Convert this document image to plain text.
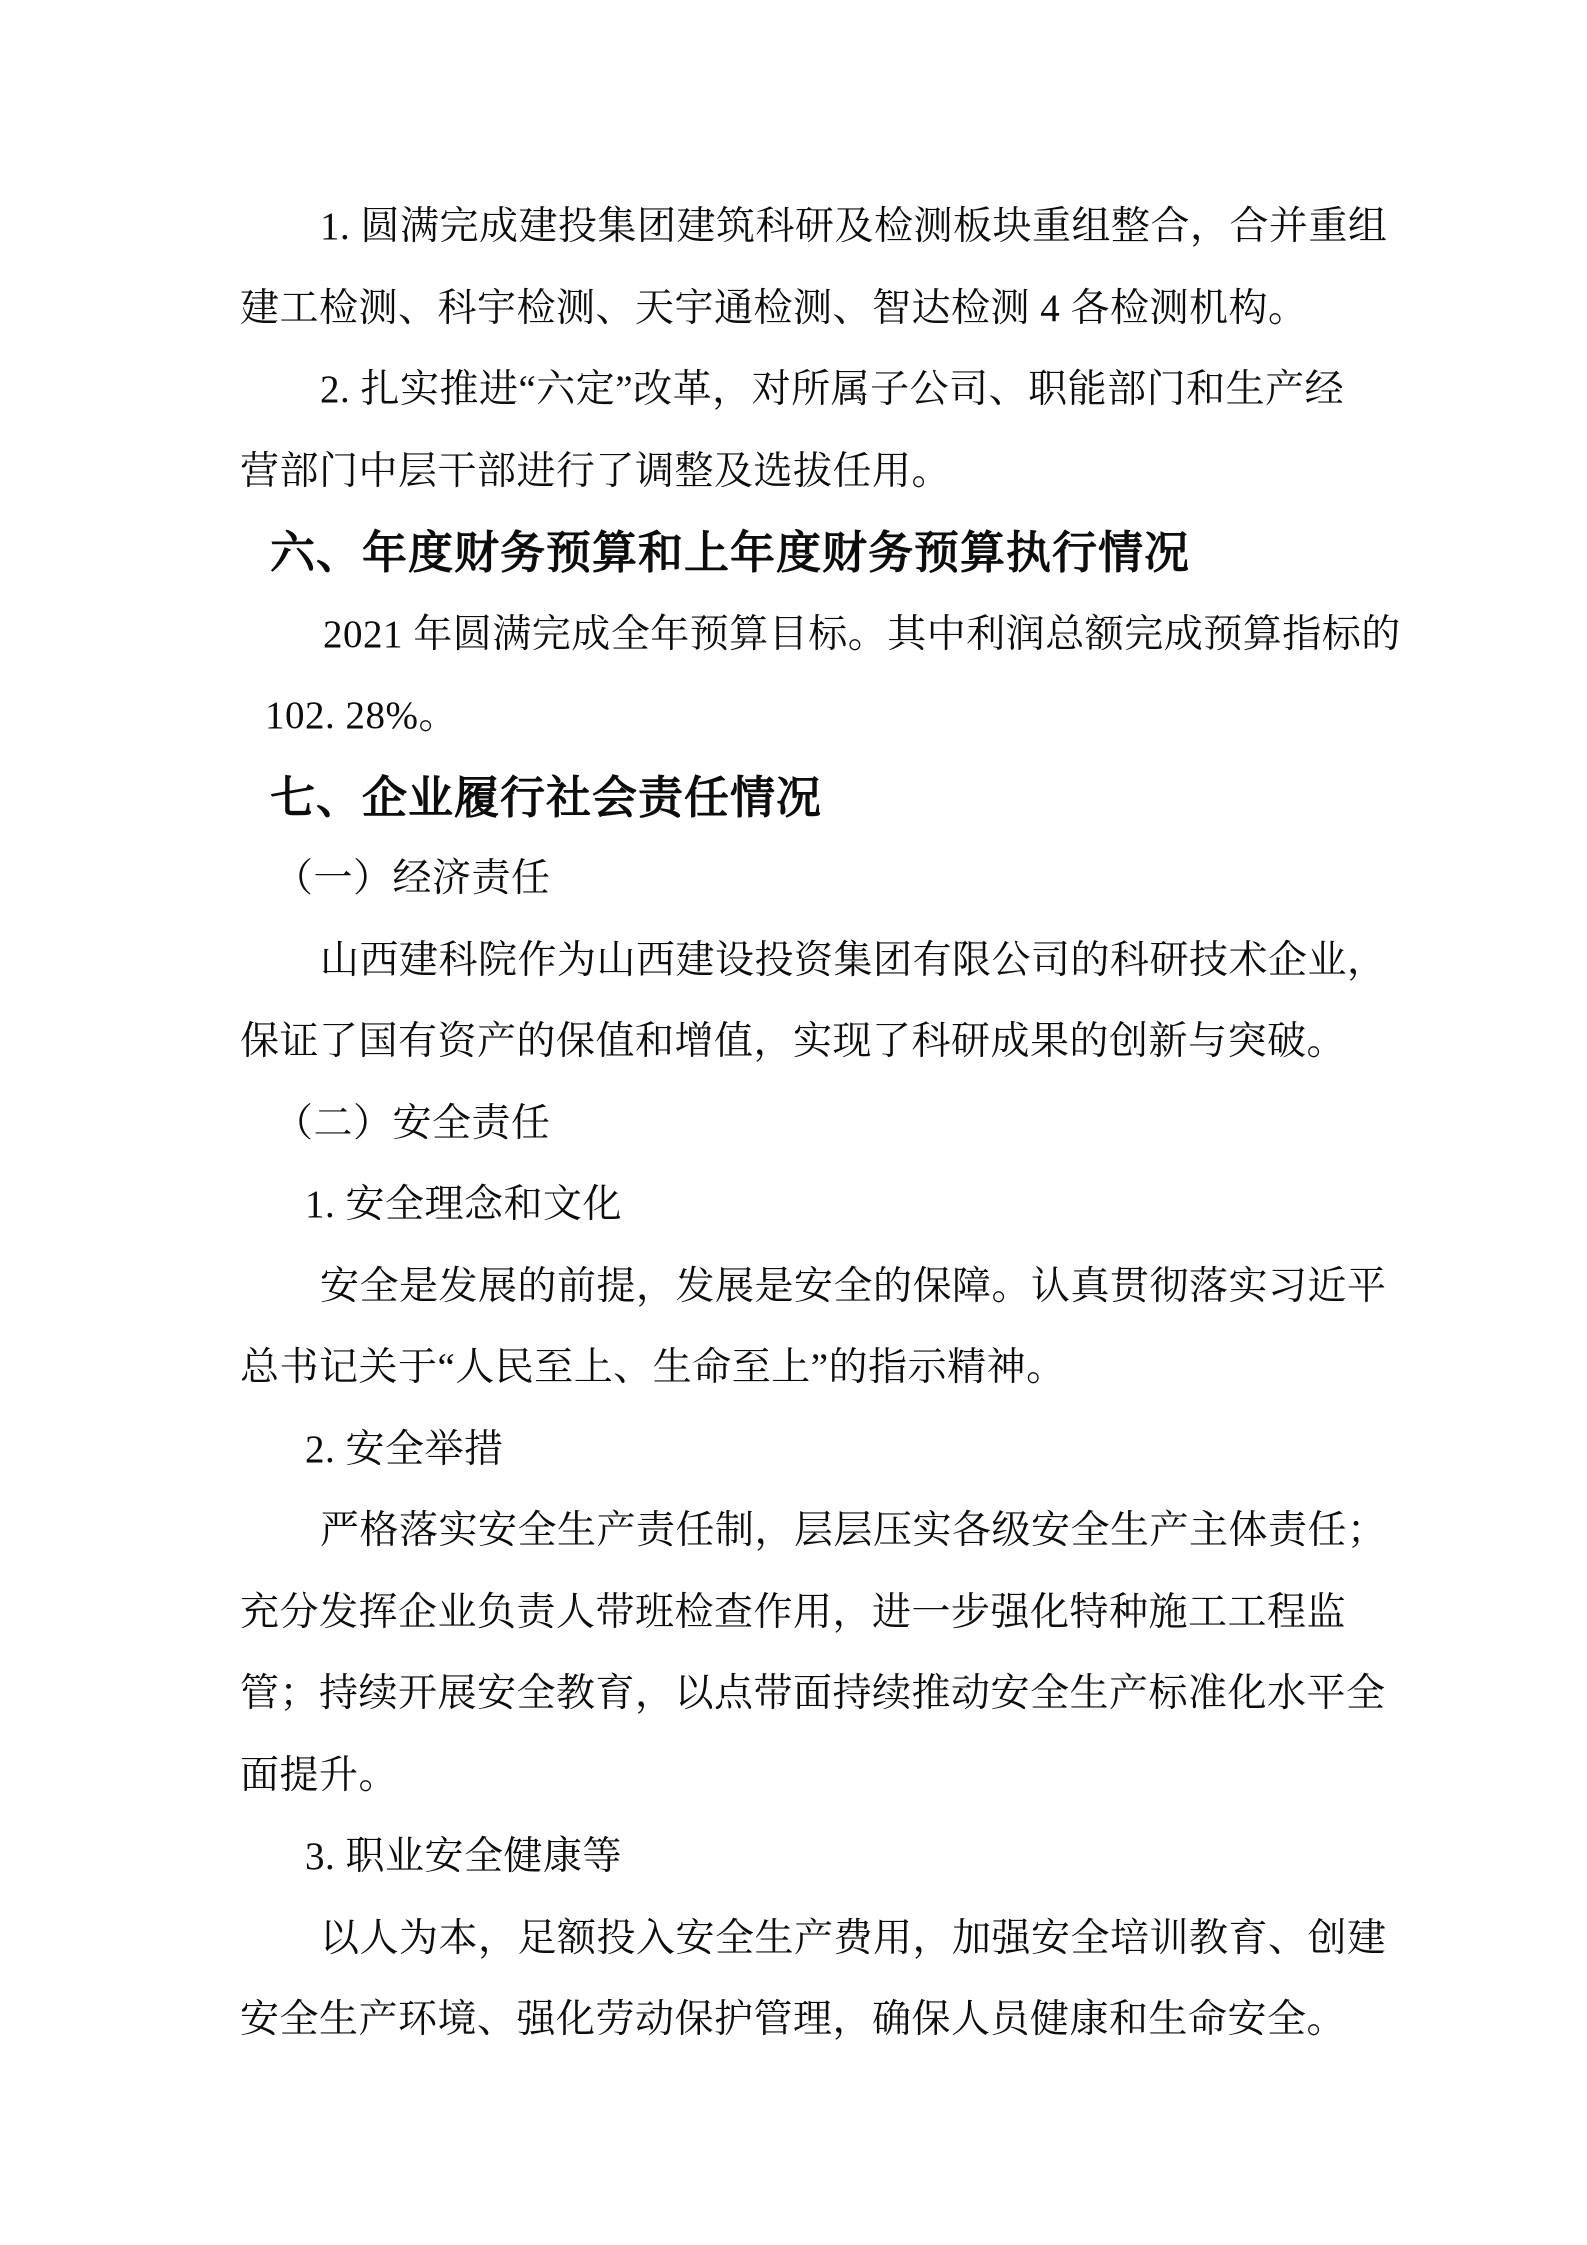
1. 圆满完成建投集团建筑科研及检测板块重组整合，合并重组
建工检测、科宇检测、天宇通检测、智达检测 4 各检测机构。
2. 扎实推进“六定”改革，对所属子公司、职能部门和生产经
营部门中层干部进行了调整及选拔任用。
六、年度财务预算和上年度财务预算执行情况
2021 年圆满完成全年预算目标。其中利润总额完成预算指标的
102. 28%。
七、企业履行社会责任情况
（一）经济责任
山西建科院作为山西建设投资集团有限公司的科研技术企业，
保证了国有资产的保值和增值，实现了科研成果的创新与突破。
（二）安全责任
1. 安全理念和文化
安全是发展的前提，发展是安全的保障。认真贯彻落实习近平
总书记关于“人民至上、生命至上”的指示精神。
2. 安全举措
严格落实安全生产责任制，层层压实各级安全生产主体责任；
充分发挥企业负责人带班检查作用，进一步强化特种施工工程监
管；持续开展安全教育，以点带面持续推动安全生产标准化水平全
面提升。
3. 职业安全健康等
以人为本，足额投入安全生产费用，加强安全培训教育、创建
安全生产环境、强化劳动保护管理，确保人员健康和生命安全。
